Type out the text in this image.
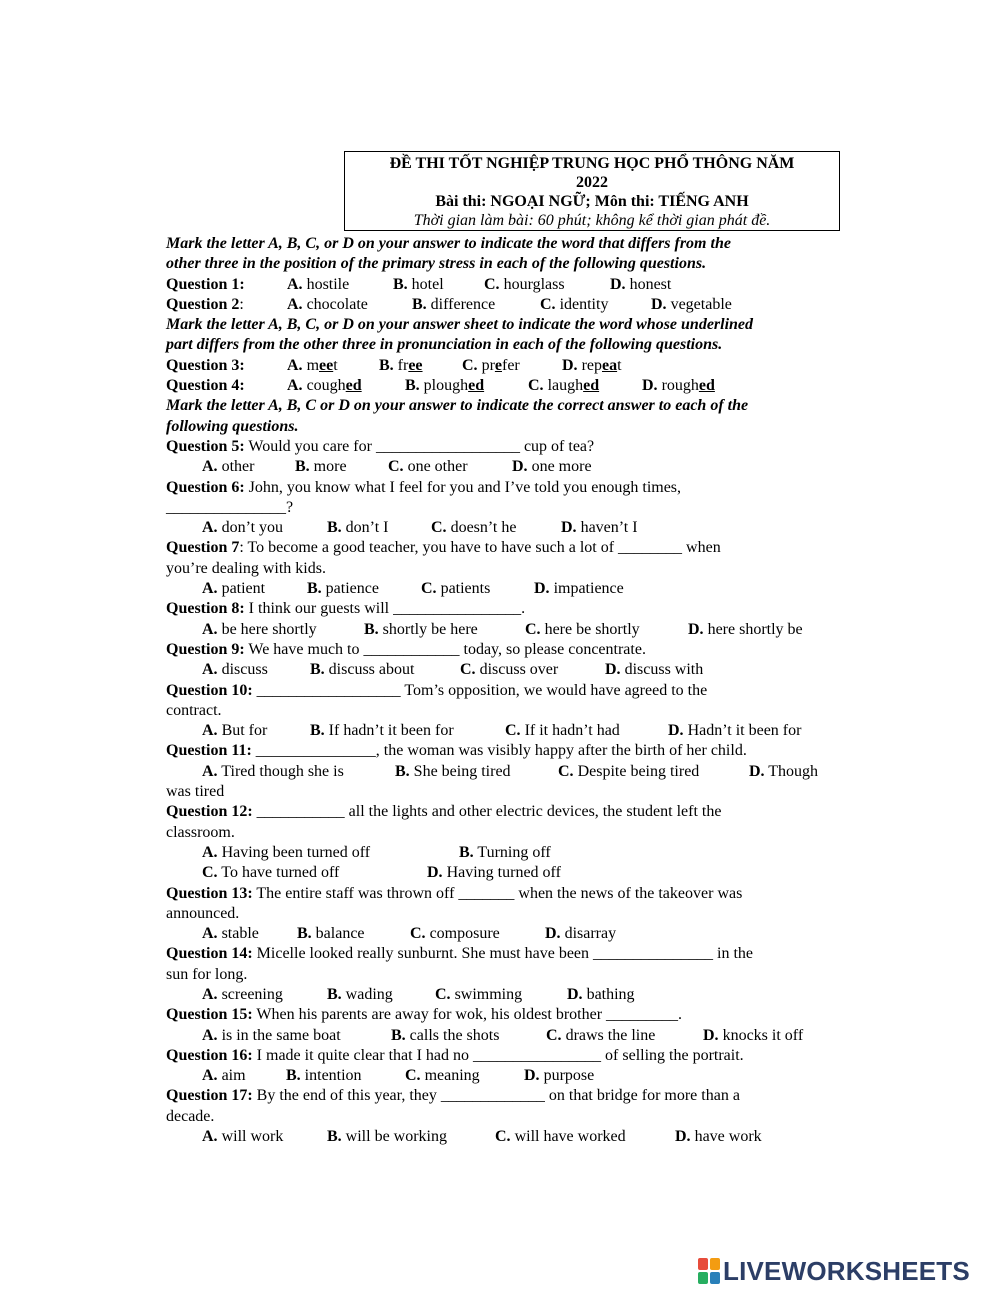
ĐỀ THI TỐT NGHIỆP TRUNG HỌC PHỔ THÔNG NĂM
2022
Bài thi: NGOẠI NGỮ; Môn thi: TIẾNG ANH
Thời gian làm bài: 60 phút; không kể thời gian phát đề.
Mark the letter A, B, C, or D on your answer to indicate the word that differs from the
other three in the position of the primary stress in each of the following questions.
Question 1:	A. hostile	B. hotel	C. hourglass	D. honest
Question 2:	A. chocolate	B. difference	C. identity	D. vegetable
Mark the letter A, B, C, or D on your answer sheet to indicate the word whose underlined
part differs from the other three in pronunciation in each of the following questions.
Question 3:	A. meet	B. free C. prefer	D. repeat
Question 4:	A. coughed	B. ploughed	C. laughed	D. roughed
Mark the letter A, B, C or D on your answer to indicate the correct answer to each of the
following questions.
Question 5: Would you care for __________________ cup of tea?
A. other	B. more	C. one other	D. one more
Question 6: John, you know what I feel for you and I’ve told you enough times,
_______________?
A. don’t you	B. don’t I	C. doesn’t he	D. haven’t I
Question 7: To become a good teacher, you have to have such a lot of ________ when
you’re dealing with kids.
A. patient	B. patience	C. patients	D. impatience
Question 8: I think our guests will ________________.
A. be here shortly	B. shortly be here	C. here be shortly	D. here shortly be
Question 9: We have much to ____________ today, so please concentrate.
A. discuss	B. discuss about	C. discuss over	D. discuss with
Question 10: __________________ Tom’s opposition, we would have agreed to the
contract.
A. But for	B. If hadn’t it been for	C. If it hadn’t had	D. Hadn’t it been for
Question 11: _______________, the woman was visibly happy after the birth of her child.
A. Tired though she is	B. She being tired	C. Despite being tired	D. Though
was tired
Question 12: ___________ all the lights and other electric devices, the student left the
classroom.
A. Having been turned off	B. Turning off
C. To have turned off	D. Having turned off
Question 13: The entire staff was thrown off _______ when the news of the takeover was
announced.
A. stable B. balance	C. composure	D. disarray
Question 14: Micelle looked really sunburnt. She must have been _______________ in the
sun for long.
A. screening	B. wading	C. swimming	D. bathing
Question 15: When his parents are away for wok, his oldest brother _________.
A. is in the same boat	B. calls the shots	C. draws the line	D. knocks it off
Question 16: I made it quite clear that I had no ________________ of selling the portrait.
A. aim	B. intention	C. meaning	D. purpose
Question 17: By the end of this year, they _____________ on that bridge for more than a
decade.
A. will work	B. will be working	C. will have worked	D. have work
LIVEWORKSHEETS
